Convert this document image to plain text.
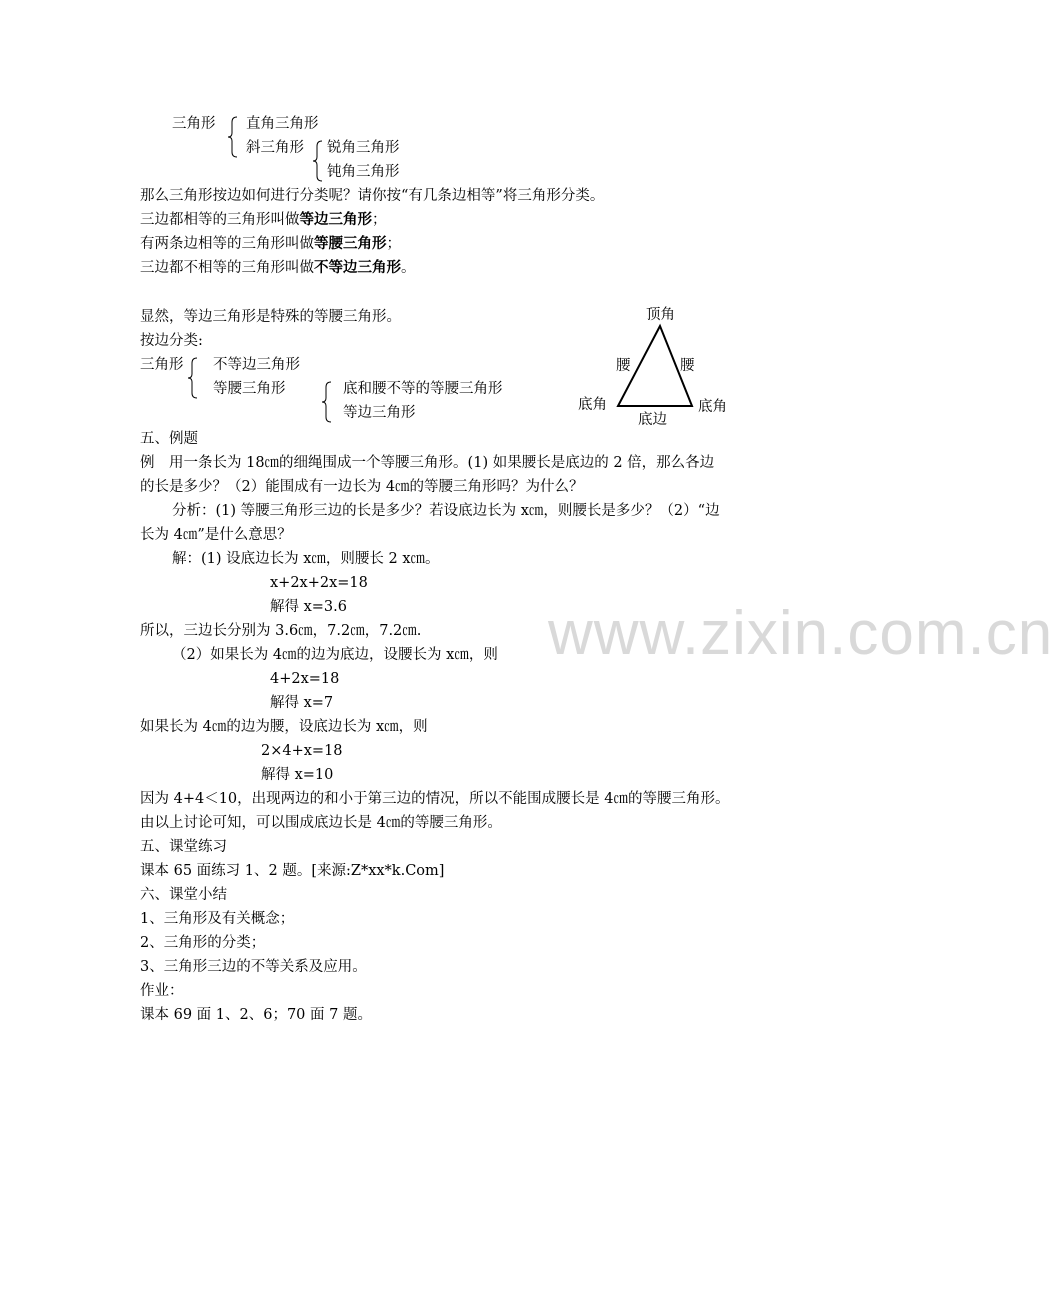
www.zixin.com.cn
三角形 直角三角形
斜三角形 锐角三角形
钝角三角形
那么三角形按边如何进行分类呢？请你按“有几条边相等”将三角形分类。
三边都相等的三角形叫做等边三角形；
有两条边相等的三角形叫做等腰三角形；
三边都不相等的三角形叫做不等边三角形。
显然，等边三角形是特殊的等腰三角形。
按边分类:
三角形 不等边三角形
等腰三角形	底和腰不等的等腰三角形
等边三角形
顶角
腰	腰
底角	底角
底边
五、例题
例　用一条长为 18㎝的细绳围成一个等腰三角形。(1) 如果腰长是底边的 2 倍，那么各边
的长是多少？（2）能围成有一边长为 4㎝的等腰三角形吗？为什么？
分析：(1) 等腰三角形三边的长是多少？若设底边长为 x㎝，则腰长是多少？（2）“边
长为 4㎝”是什么意思？
解：(1) 设底边长为 x㎝，则腰长 2 x㎝。
x+2x+2x=18
解得 x=3.6
所以，三边长分别为 3.6㎝，7.2㎝，7.2㎝.
（2）如果长为 4㎝的边为底边，设腰长为 x㎝，则
4+2x=18
解得 x=7
如果长为 4㎝的边为腰，设底边长为 x㎝，则
2×4+x=18
解得 x=10
因为 4+4＜10，出现两边的和小于第三边的情况，所以不能围成腰长是 4㎝的等腰三角形。
由以上讨论可知，可以围成底边长是 4㎝的等腰三角形。
五、课堂练习
课本 65 面练习 1、2 题。[来源:Z*xx*k.Com]
六、课堂小结
1、三角形及有关概念；
2、三角形的分类；
3、三角形三边的不等关系及应用。
作业：
课本 69 面 1、2、6；70 面 7 题。
